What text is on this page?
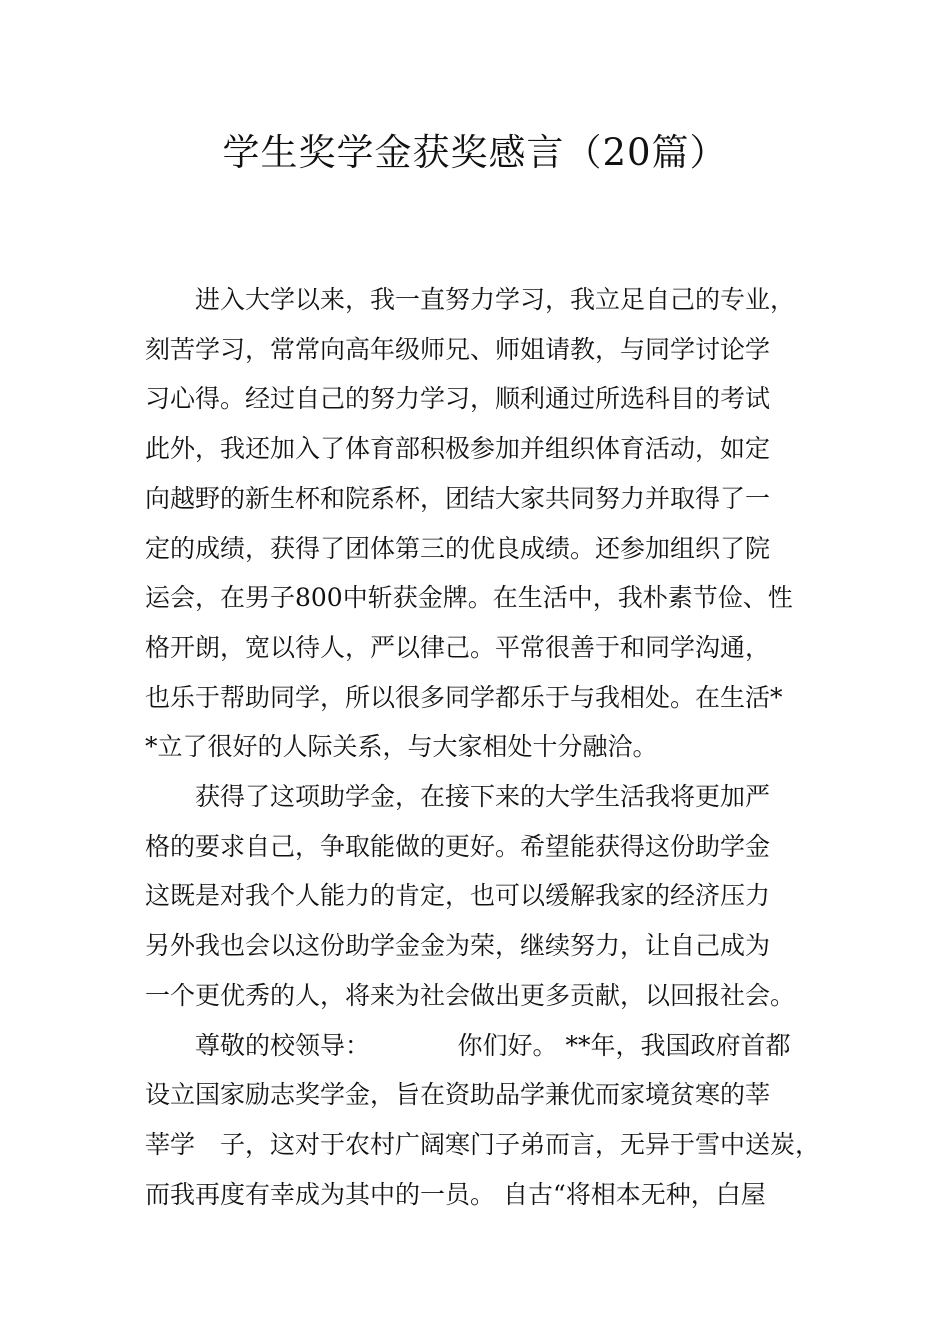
学生奖学金获奖感言（20篇）
　　进入大学以来，我一直努力学习，我立足自己的专业，
刻苦学习，常常向高年级师兄、师姐请教，与同学讨论学
习心得。经过自己的努力学习，顺利通过所选科目的考试
此外，我还加入了体育部积极参加并组织体育活动，如定
向越野的新生杯和院系杯，团结大家共同努力并取得了一
定的成绩，获得了团体第三的优良成绩。还参加组织了院
运会，在男子800中斩获金牌。在生活中，我朴素节俭、性
格开朗，宽以待人，严以律己。平常很善于和同学沟通，
也乐于帮助同学，所以很多同学都乐于与我相处。在生活*
*立了很好的人际关系，与大家相处十分融洽。
　　获得了这项助学金，在接下来的大学生活我将更加严
格的要求自己，争取能做的更好。希望能获得这份助学金
这既是对我个人能力的肯定，也可以缓解我家的经济压力
另外我也会以这份助学金金为荣，继续努力，让自己成为
一个更优秀的人，将来为社会做出更多贡献，以回报社会。
　　尊敬的校领导：　　　　你们好。 **年，我国政府首都
设立国家励志奖学金，旨在资助品学兼优而家境贫寒的莘
莘学　子，这对于农村广阔寒门子弟而言，无异于雪中送炭，
而我再度有幸成为其中的一员。 自古“将相本无种，白屋
